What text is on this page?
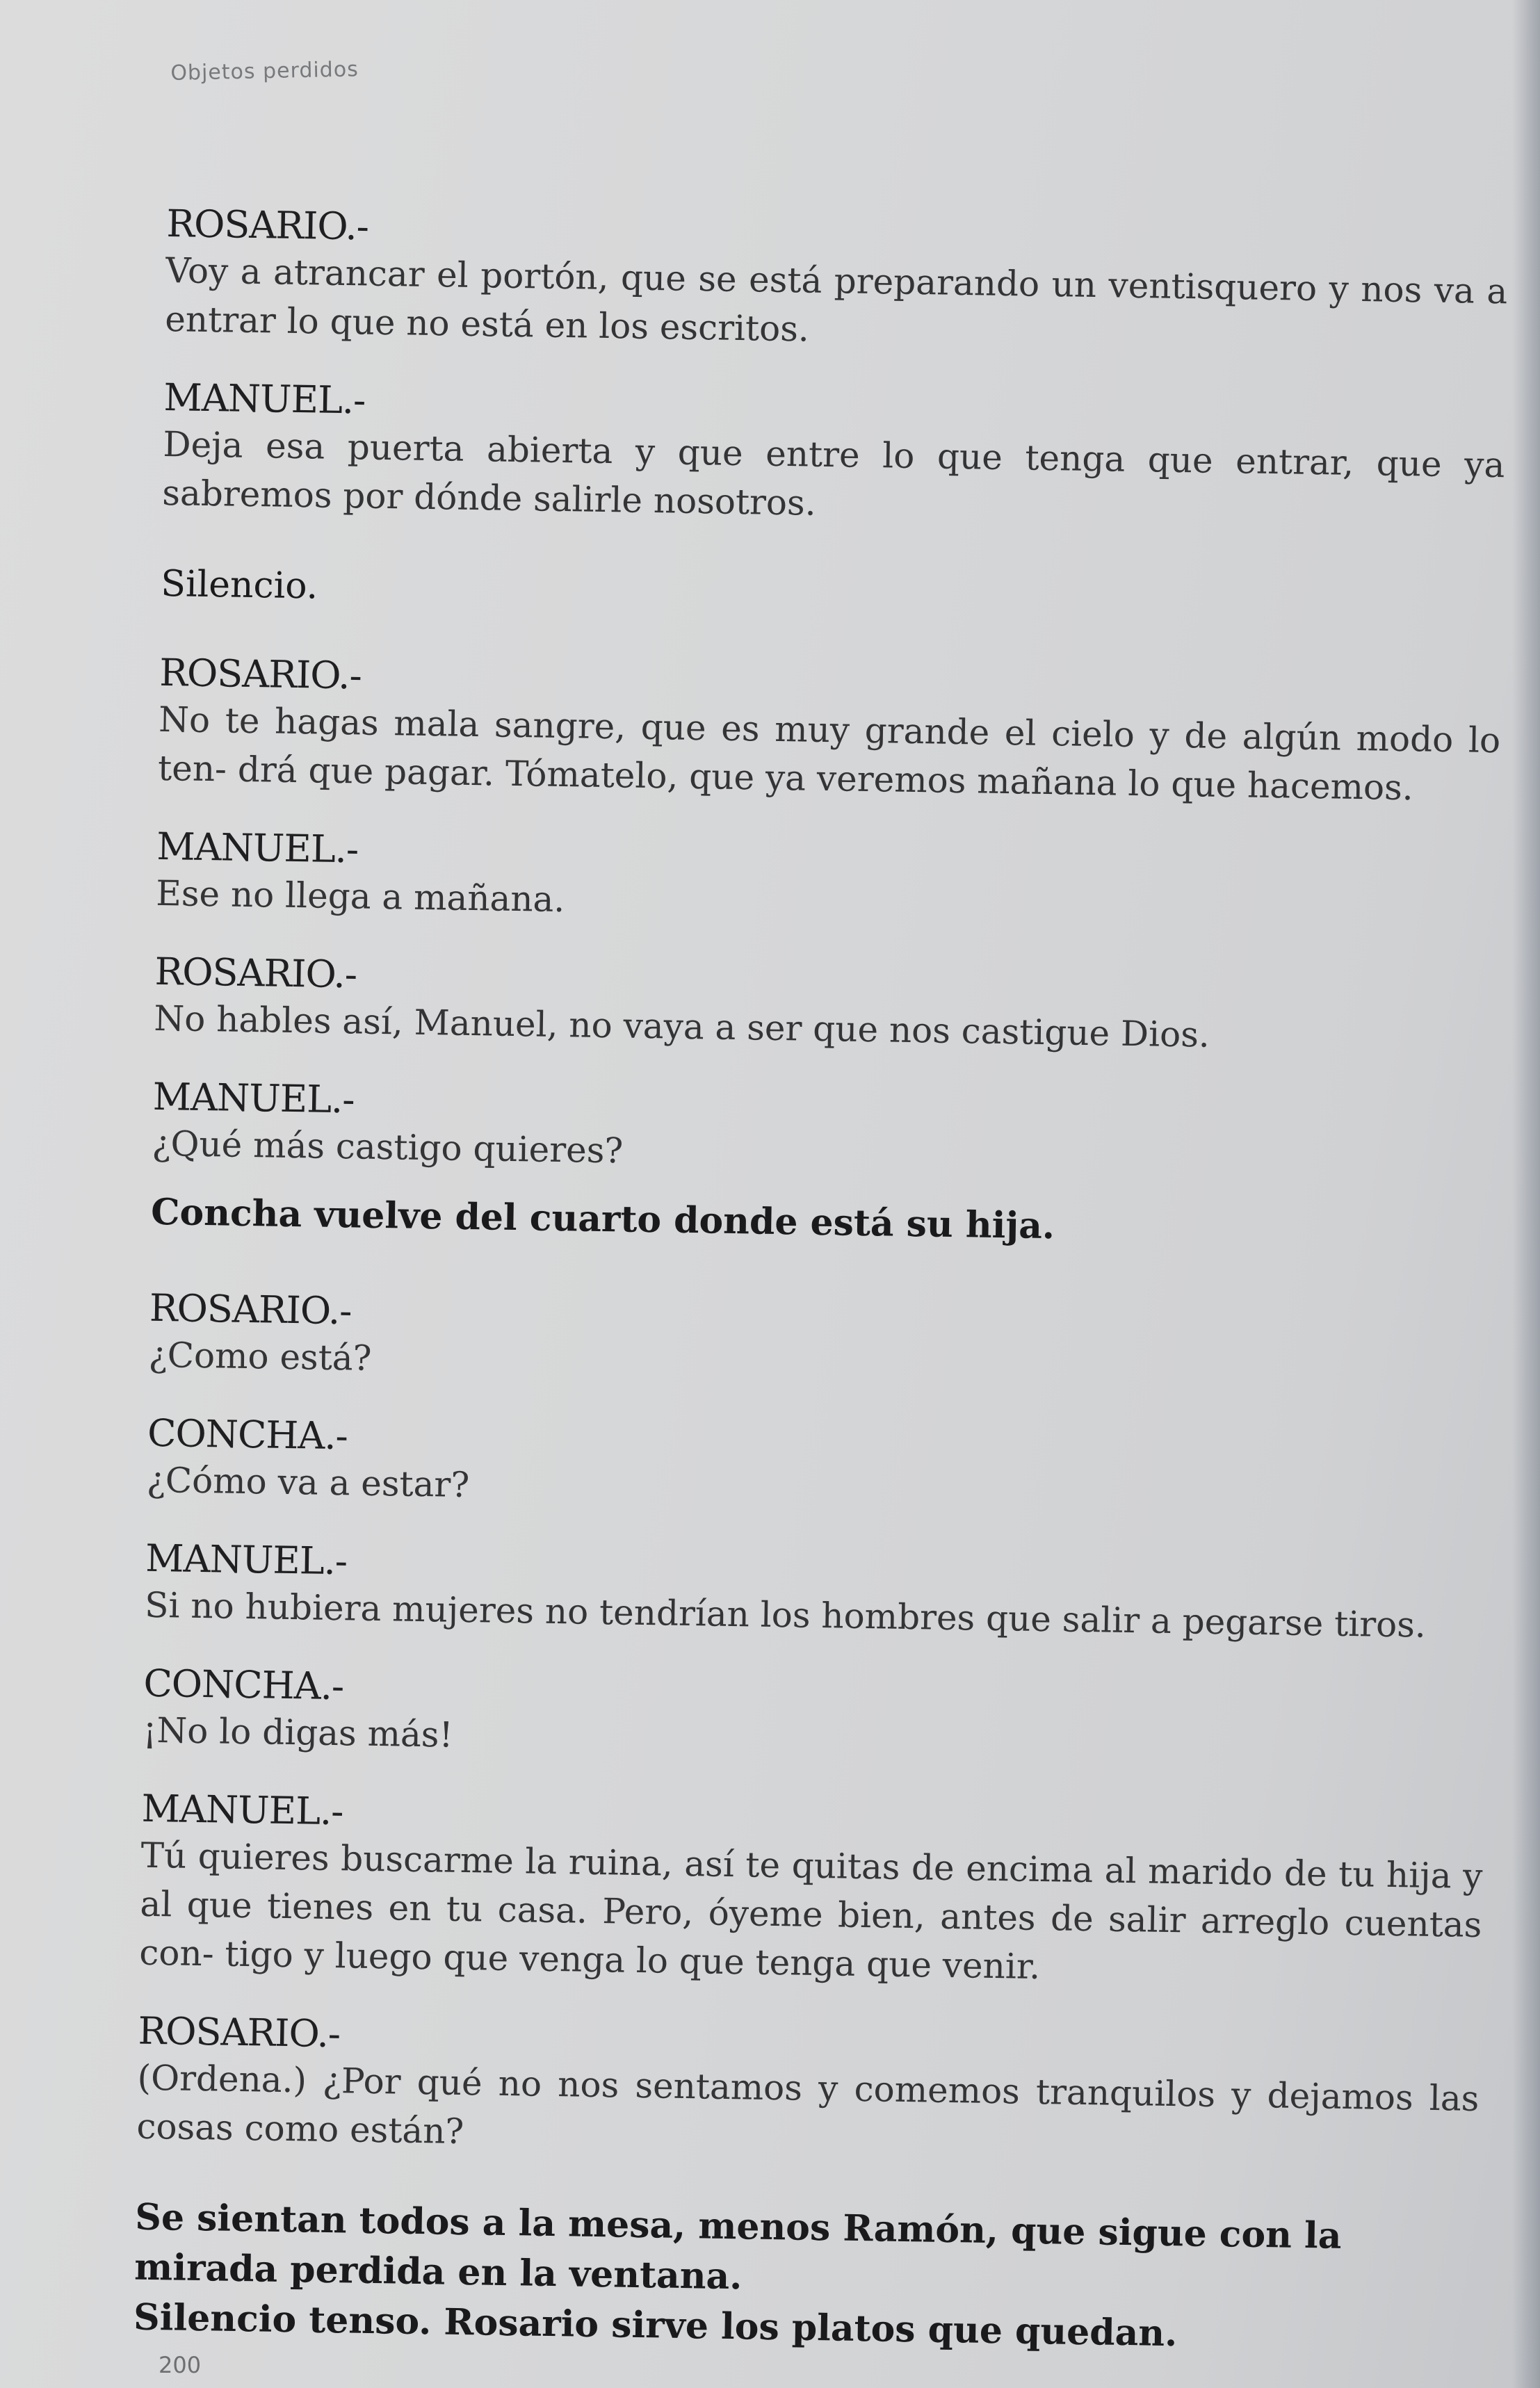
Objetos perdidos
ROSARIO.-
Voy a atrancar el portón, que se está preparando un ventisquero y nos va a entrar lo que no está en los escritos.
MANUEL.-
Deja esa puerta abierta y que entre lo que tenga que entrar, que ya sabremos por dónde salirle nosotros.
Silencio.
ROSARIO.-
No te hagas mala sangre, que es muy grande el cielo y de algún modo lo ten- drá que pagar. Tómatelo, que ya veremos mañana lo que hacemos.
MANUEL.-
Ese no llega a mañana.
ROSARIO.-
No hables así, Manuel, no vaya a ser que nos castigue Dios.
MANUEL.-
¿Qué más castigo quieres?
Concha vuelve del cuarto donde está su hija.
ROSARIO.-
¿Como está?
CONCHA.-
¿Cómo va a estar?
MANUEL.-
Si no hubiera mujeres no tendrían los hombres que salir a pegarse tiros.
CONCHA.-
¡No lo digas más!
MANUEL.-
Tú quieres buscarme la ruina, así te quitas de encima al marido de tu hija y al que tienes en tu casa. Pero, óyeme bien, antes de salir arreglo cuentas con- tigo y luego que venga lo que tenga que venir.
ROSARIO.-
(Ordena.) ¿Por qué no nos sentamos y comemos tranquilos y dejamos las cosas como están?
Se sientan todos a la mesa, menos Ramón, que sigue con la mirada perdida en la ventana.
Silencio tenso. Rosario sirve los platos que quedan.
200
